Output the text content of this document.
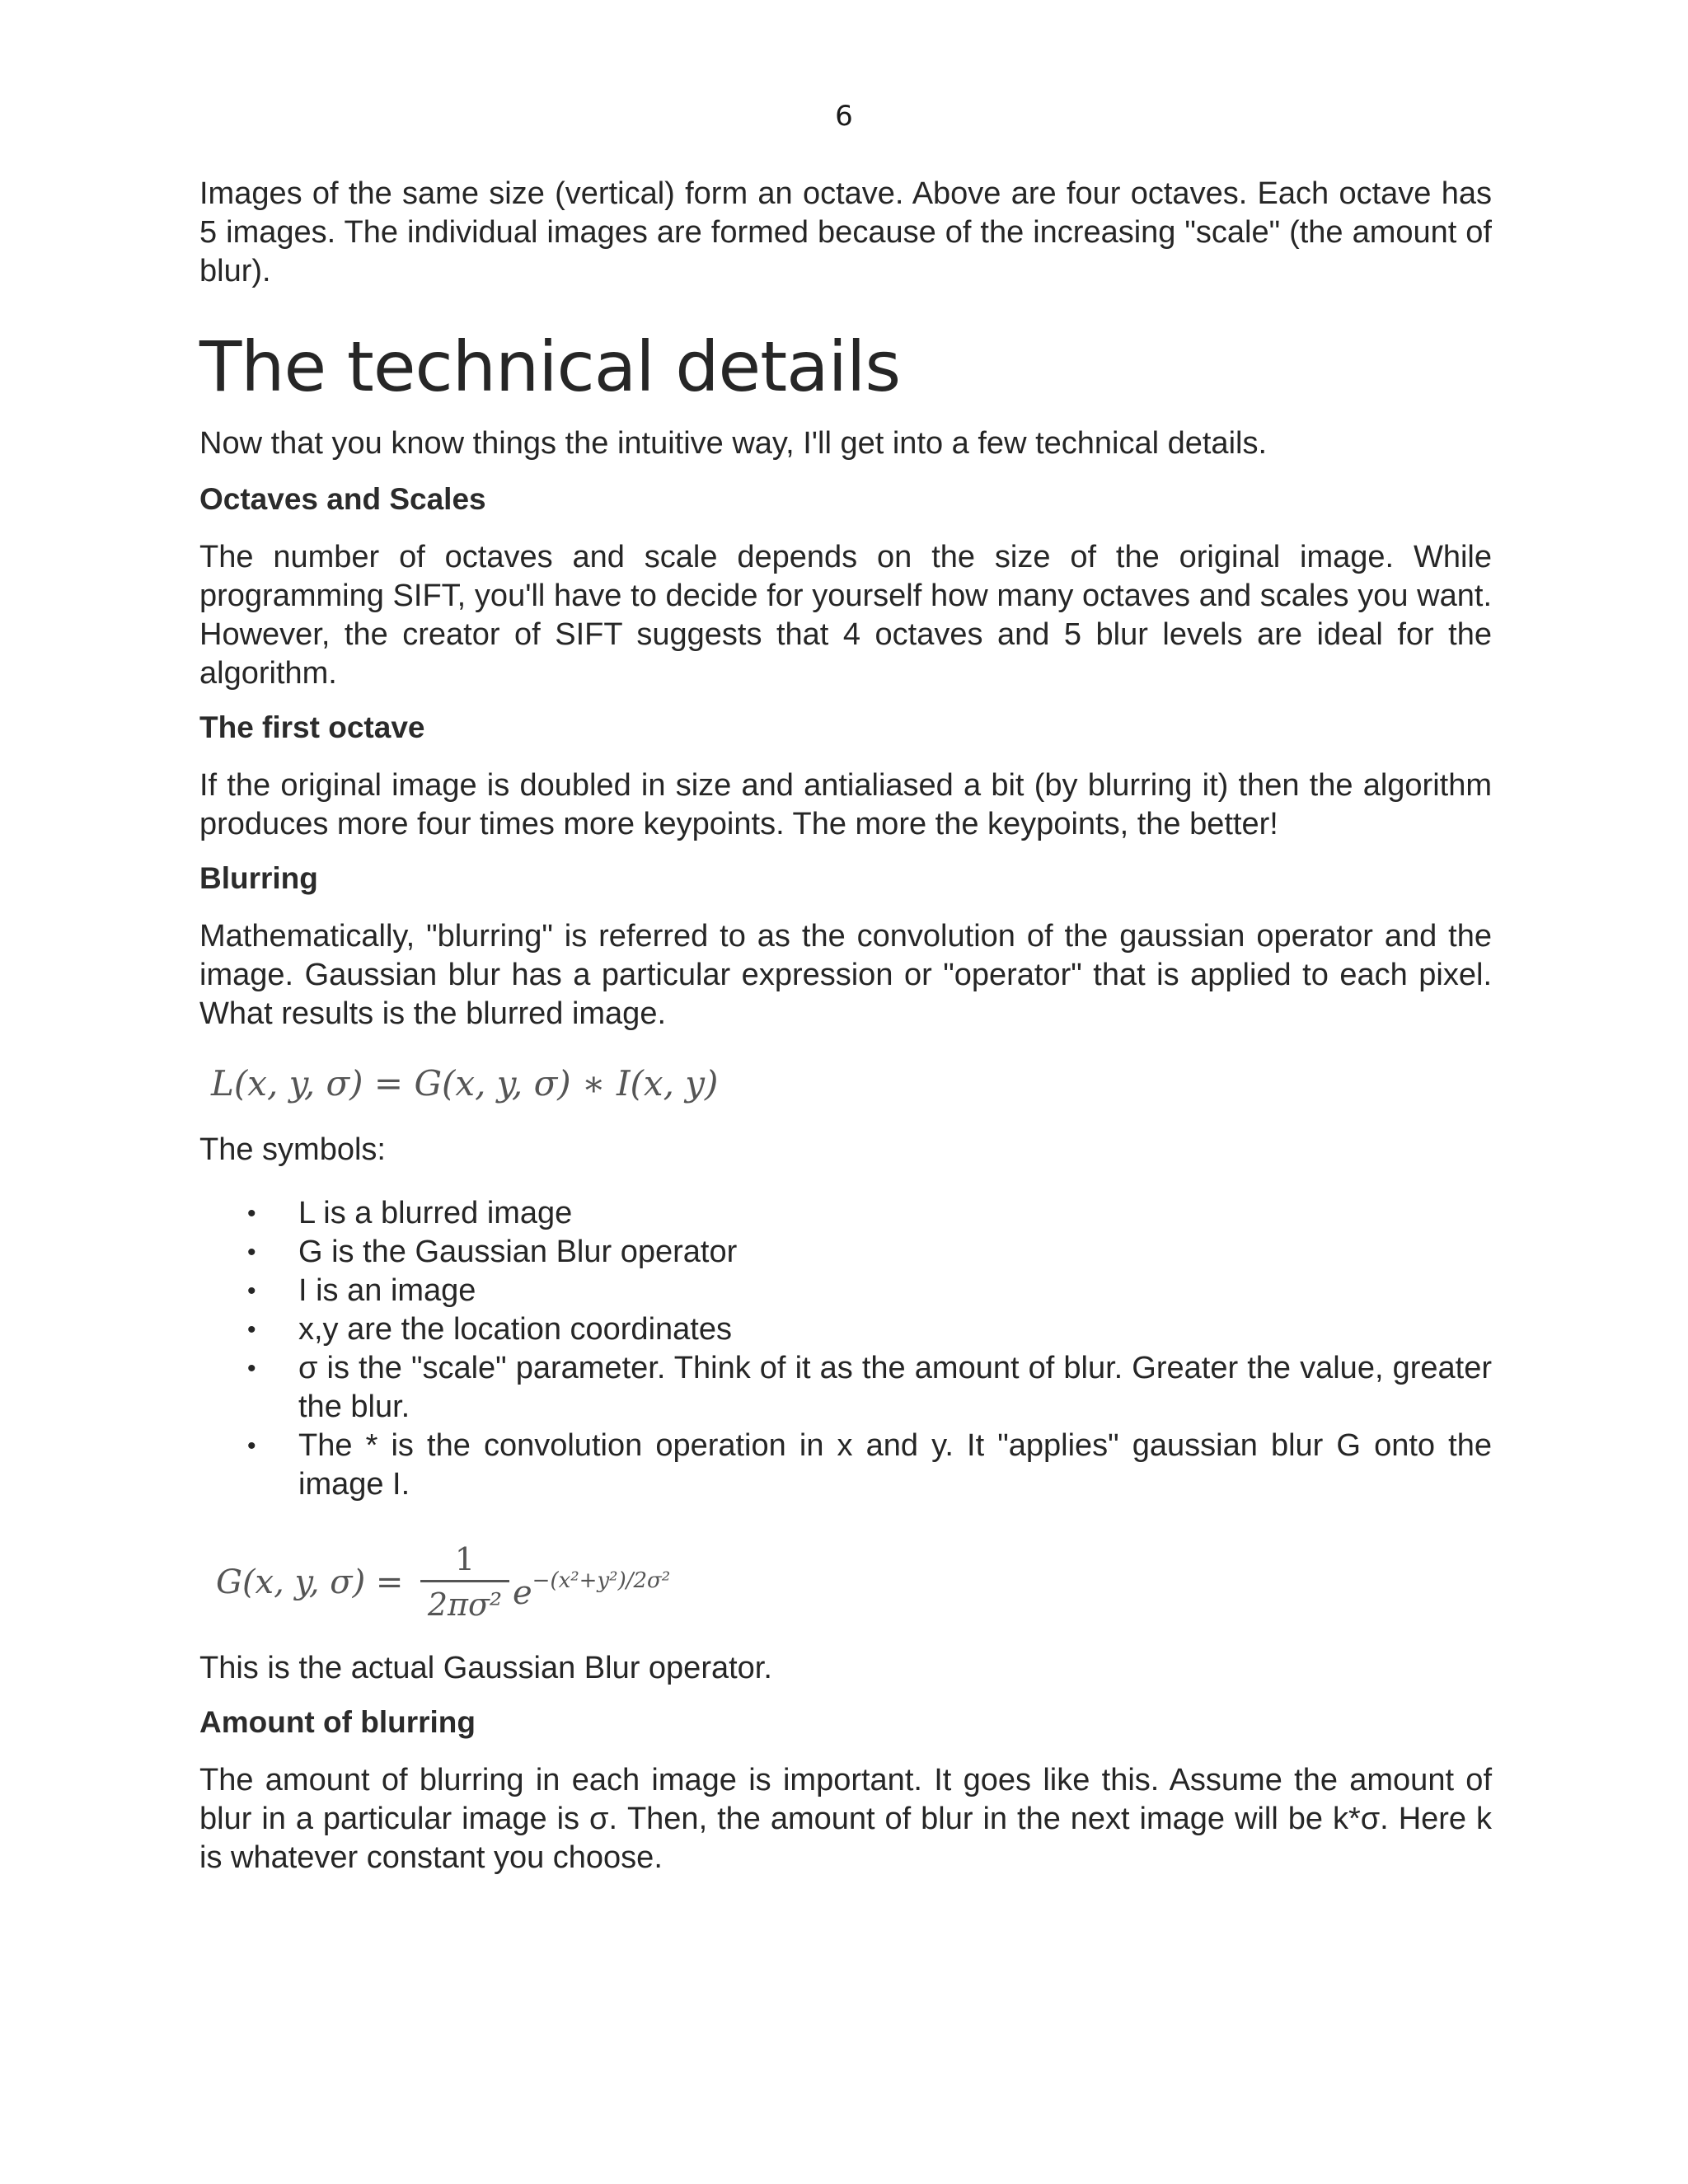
6

Images of the same size (vertical) form an octave. Above are four octaves. Each octave has 5 images. The individual images are formed because of the increasing "scale" (the amount of blur).

The technical details

Now that you know things the intuitive way, I'll get into a few technical details.

Octaves and Scales

The number of octaves and scale depends on the size of the original image. While programming SIFT, you'll have to decide for yourself how many octaves and scales you want. However, the creator of SIFT suggests that 4 octaves and 5 blur levels are ideal for the algorithm.

The first octave

If the original image is doubled in size and antialiased a bit (by blurring it) then the algorithm produces more four times more keypoints. The more the keypoints, the better!

Blurring

Mathematically, "blurring" is referred to as the convolution of the gaussian operator and the image. Gaussian blur has a particular expression or "operator" that is applied to each pixel. What results is the blurred image.

L(x, y, σ) = G(x, y, σ) ∗ I(x, y)

The symbols:

• L is a blurred image
• G is the Gaussian Blur operator
• I is an image
• x,y are the location coordinates
• σ is the "scale" parameter. Think of it as the amount of blur. Greater the value, greater the blur.
• The * is the convolution operation in x and y. It "applies" gaussian blur G onto the image I.
G(x, y, σ) =
1
2πσ² $e^{-(x^2+y^2)/2\sigma^2}$

This is the actual Gaussian Blur operator.

Amount of blurring

The amount of blurring in each image is important. It goes like this. Assume the amount of blur in a particular image is σ. Then, the amount of blur in the next image will be k*σ. Here k is whatever constant you choose.
